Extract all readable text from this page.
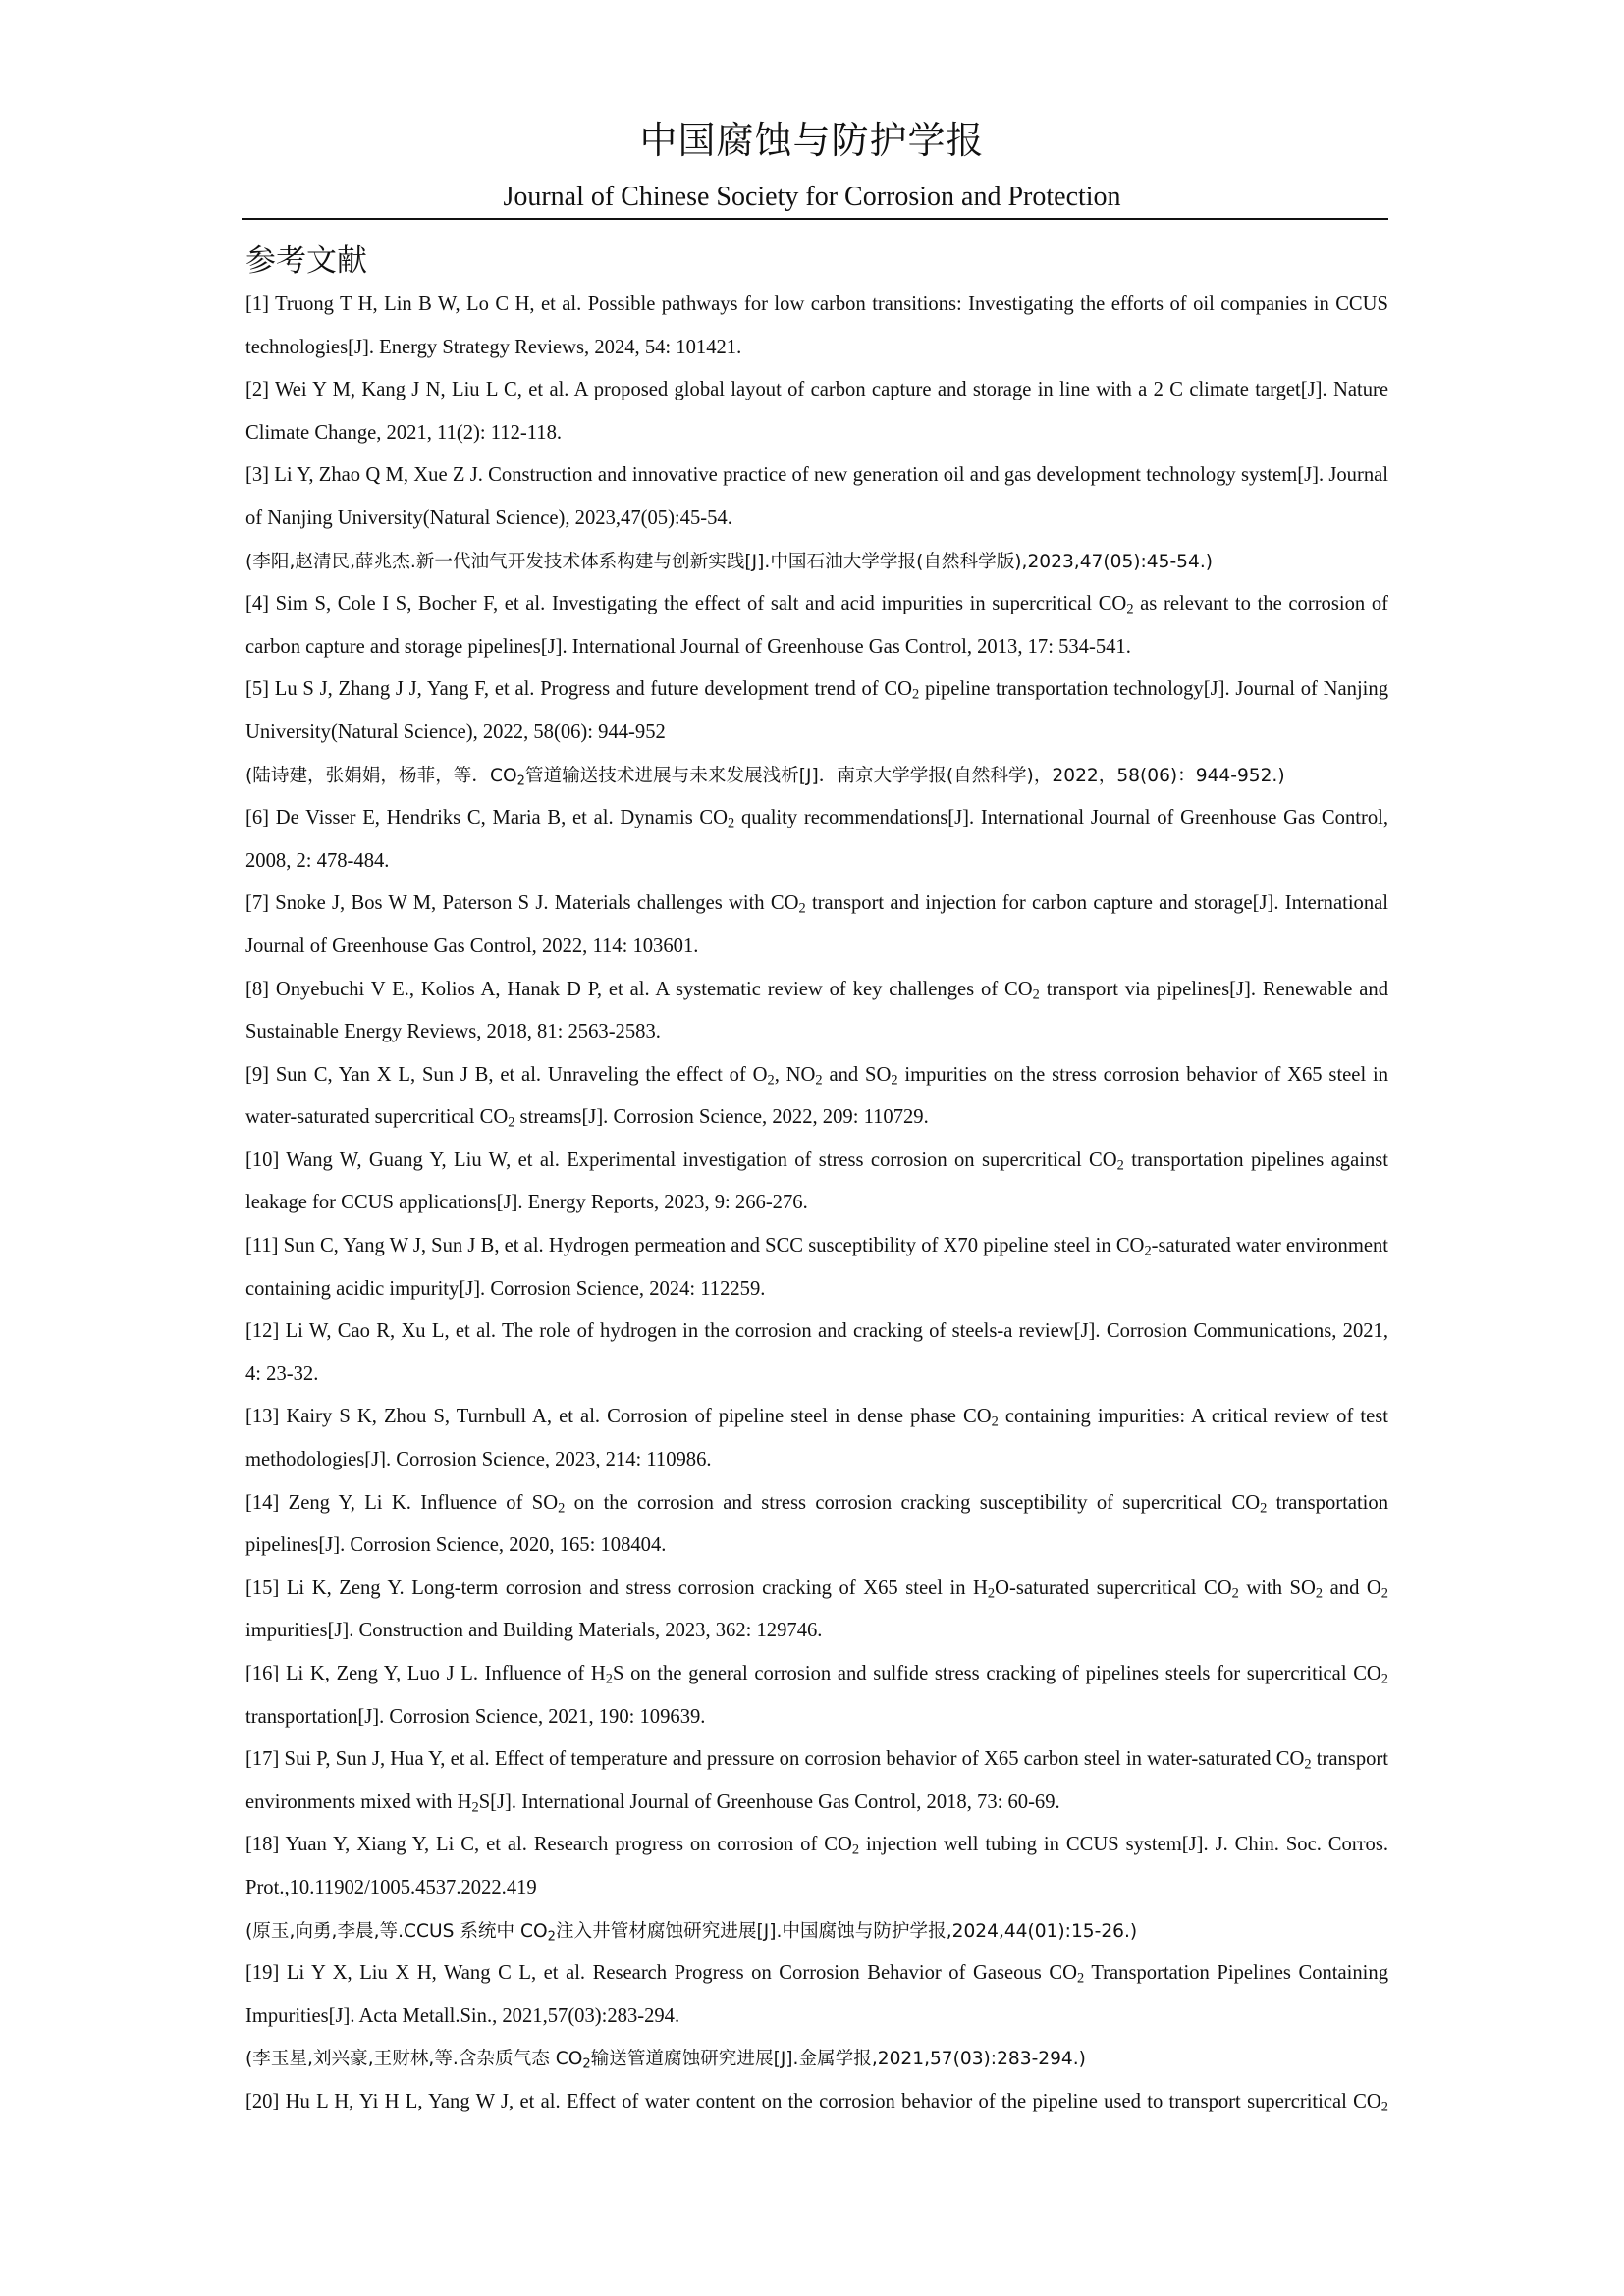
中国腐蚀与防护学报
Journal of Chinese Society for Corrosion and Protection
参考文献
[1] Truong T H, Lin B W, Lo C H, et al. Possible pathways for low carbon transitions: Investigating the efforts of oil companies in CCUS
technologies[J]. Energy Strategy Reviews, 2024, 54: 101421.
[2] Wei Y M, Kang J N, Liu L C, et al. A proposed global layout of carbon capture and storage in line with a 2 C climate target[J]. Nature
Climate Change, 2021, 11(2): 112-118.
[3] Li Y, Zhao Q M, Xue Z J. Construction and innovative practice of new generation oil and gas development technology system[J]. Journal
of Nanjing University(Natural Science), 2023,47(05):45-54.
(李阳,赵清民,薛兆杰.新一代油气开发技术体系构建与创新实践[J].中国石油大学学报(自然科学版),2023,47(05):45-54.)
[4] Sim S, Cole I S, Bocher F, et al. Investigating the effect of salt and acid impurities in supercritical $CO_2$ as relevant to the corrosion of
carbon capture and storage pipelines[J]. International Journal of Greenhouse Gas Control, 2013, 17: 534-541.
[5] Lu S J, Zhang J J, Yang F, et al. Progress and future development trend of $CO_2$ pipeline transportation technology[J]. Journal of Nanjing
University(Natural Science), 2022, 58(06): 944-952
(陆诗建，张娟娟，杨菲，等．$CO_2$管道输送技术进展与未来发展浅析[J]．南京大学学报(自然科学)，2022，58(06)：944-952.)
[6] De Visser E, Hendriks C, Maria B, et al. Dynamis $CO_2$ quality recommendations[J]. International Journal of Greenhouse Gas Control,
2008, 2: 478-484.
[7] Snoke J, Bos W M, Paterson S J. Materials challenges with $CO_2$ transport and injection for carbon capture and storage[J]. International
Journal of Greenhouse Gas Control, 2022, 114: 103601.
[8] Onyebuchi V E., Kolios A, Hanak D P, et al. A systematic review of key challenges of $CO_2$ transport via pipelines[J]. Renewable and
Sustainable Energy Reviews, 2018, 81: 2563-2583.
[9] Sun C, Yan X L, Sun J B, et al. Unraveling the effect of $O_2$, $NO_2$ and $SO_2$ impurities on the stress corrosion behavior of X65 steel in
water-saturated supercritical $CO_2$ streams[J]. Corrosion Science, 2022, 209: 110729.
[10] Wang W, Guang Y, Liu W, et al. Experimental investigation of stress corrosion on supercritical $CO_2$ transportation pipelines against
leakage for CCUS applications[J]. Energy Reports, 2023, 9: 266-276.
[11] Sun C, Yang W J, Sun J B, et al. Hydrogen permeation and SCC susceptibility of X70 pipeline steel in $CO_2$-saturated water environment
containing acidic impurity[J]. Corrosion Science, 2024: 112259.
[12] Li W, Cao R, Xu L, et al. The role of hydrogen in the corrosion and cracking of steels-a review[J]. Corrosion Communications, 2021,
4: 23-32.
[13] Kairy S K, Zhou S, Turnbull A, et al. Corrosion of pipeline steel in dense phase $CO_2$ containing impurities: A critical review of test
methodologies[J]. Corrosion Science, 2023, 214: 110986.
[14] Zeng Y, Li K. Influence of $SO_2$ on the corrosion and stress corrosion cracking susceptibility of supercritical $CO_2$ transportation
pipelines[J]. Corrosion Science, 2020, 165: 108404.
[15] Li K, Zeng Y. Long-term corrosion and stress corrosion cracking of X65 steel in $H_2O$-saturated supercritical $CO_2$ with $SO_2$ and $O_2$
impurities[J]. Construction and Building Materials, 2023, 362: 129746.
[16] Li K, Zeng Y, Luo J L. Influence of $H_2S$ on the general corrosion and sulfide stress cracking of pipelines steels for supercritical $CO_2$
transportation[J]. Corrosion Science, 2021, 190: 109639.
[17] Sui P, Sun J, Hua Y, et al. Effect of temperature and pressure on corrosion behavior of X65 carbon steel in water-saturated $CO_2$ transport
environments mixed with $H_2S[J]$. International Journal of Greenhouse Gas Control, 2018, 73: 60-69.
[18] Yuan Y, Xiang Y, Li C, et al. Research progress on corrosion of $CO_2$ injection well tubing in CCUS system[J]. J. Chin. Soc. Corros.
Prot.,10.11902/1005.4537.2022.419
(原玉,向勇,李晨,等.CCUS 系统中 $CO_2$注入井管材腐蚀研究进展[J].中国腐蚀与防护学报,2024,44(01):15-26.)
[19] Li Y X, Liu X H, Wang C L, et al. Research Progress on Corrosion Behavior of Gaseous $CO_2$ Transportation Pipelines Containing
Impurities[J]. Acta Metall.Sin., 2021,57(03):283-294.
(李玉星,刘兴豪,王财林,等.含杂质气态 $CO_2$输送管道腐蚀研究进展[J].金属学报,2021,57(03):283-294.)
[20] Hu L H, Yi H L, Yang W J, et al. Effect of water content on the corrosion behavior of the pipeline used to transport supercritical $CO_2$
